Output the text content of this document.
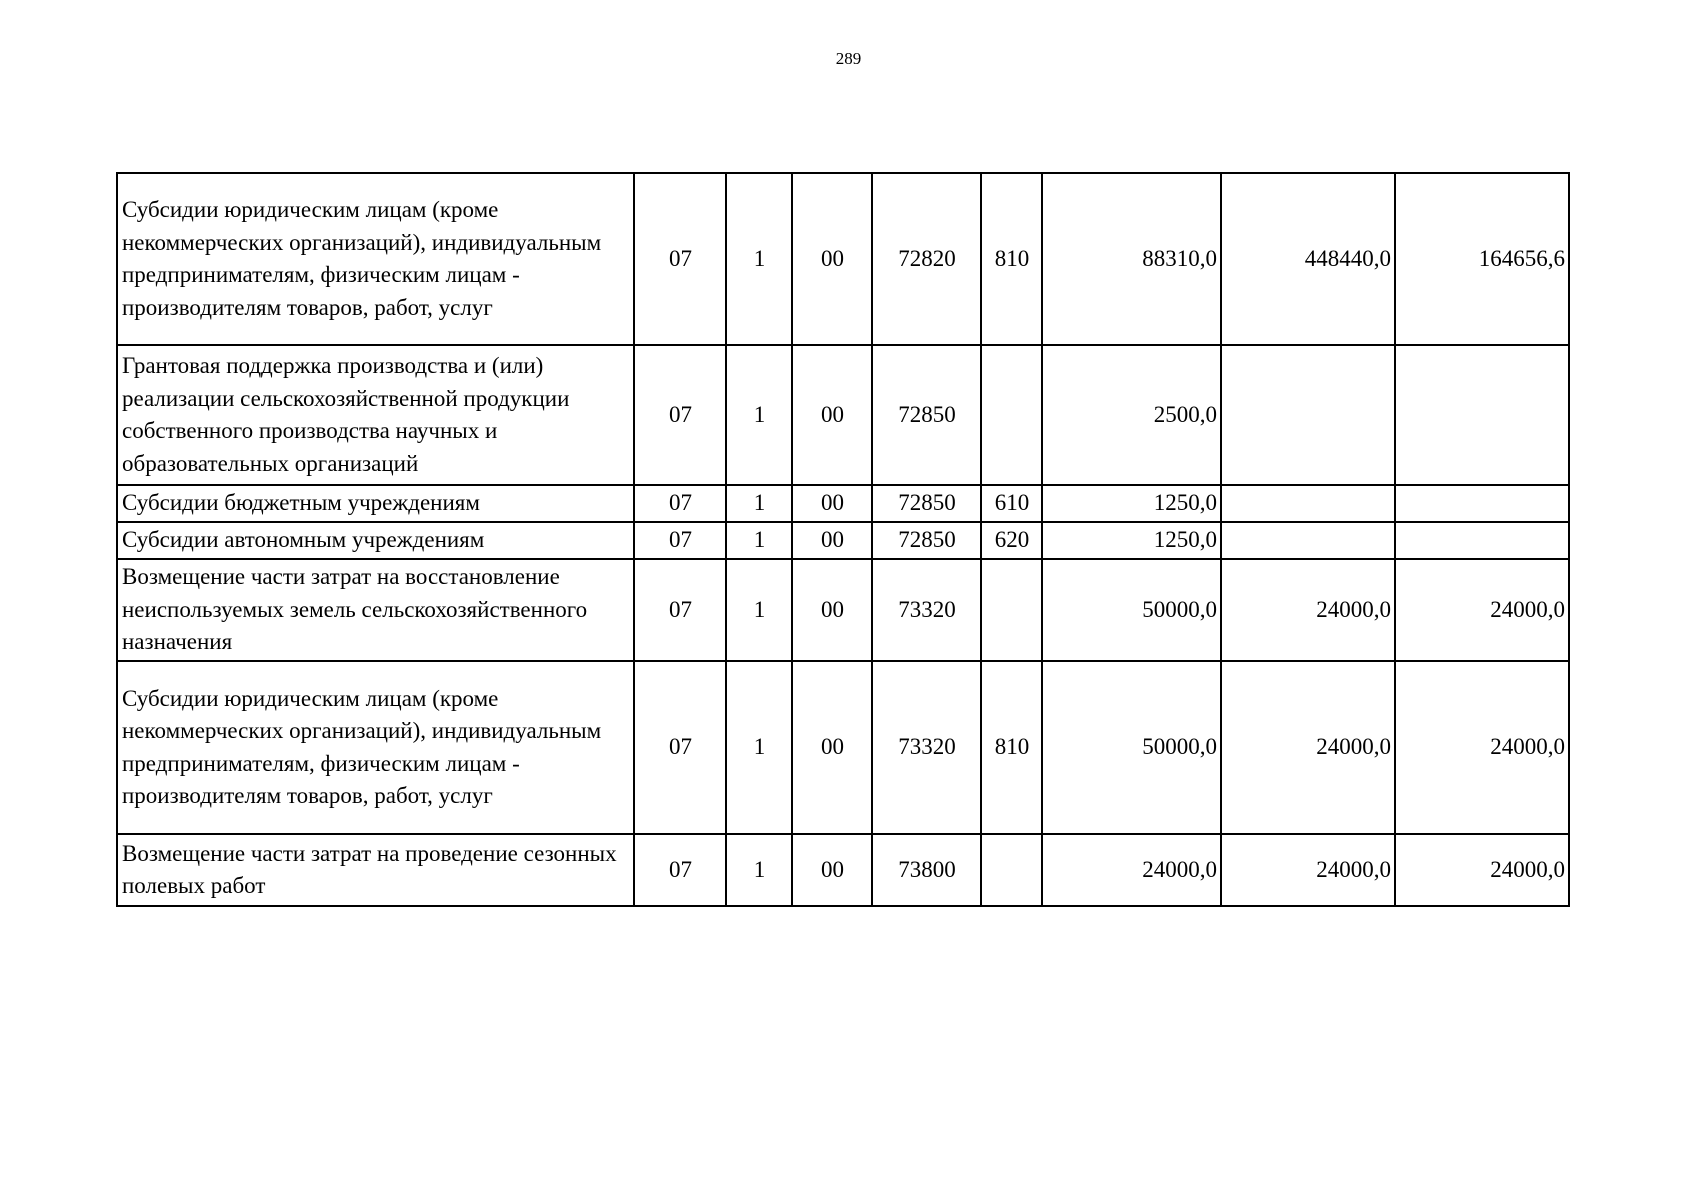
289
Субсидии юридическим лицам (кроме некоммерческих организаций), индивидуальным предпринимателям, физическим лицам - производителям товаров, работ, услуг	07	1	00	72820	810	88310,0	448440,0	164656,6
Грантовая поддержка производства и (или) реализации сельскохозяйственной продукции собственного производства научных и образовательных организаций	07	1	00	72850		2500,0		
Субсидии бюджетным учреждениям	07	1	00	72850	610	1250,0		
Субсидии автономным учреждениям	07	1	00	72850	620	1250,0		
Возмещение части затрат на восстановление неиспользуемых земель сельскохозяйственного назначения	07	1	00	73320		50000,0	24000,0	24000,0
Субсидии юридическим лицам (кроме некоммерческих организаций), индивидуальным предпринимателям, физическим лицам - производителям товаров, работ, услуг	07	1	00	73320	810	50000,0	24000,0	24000,0
Возмещение части затрат на проведение сезонных полевых работ	07	1	00	73800		24000,0	24000,0	24000,0
